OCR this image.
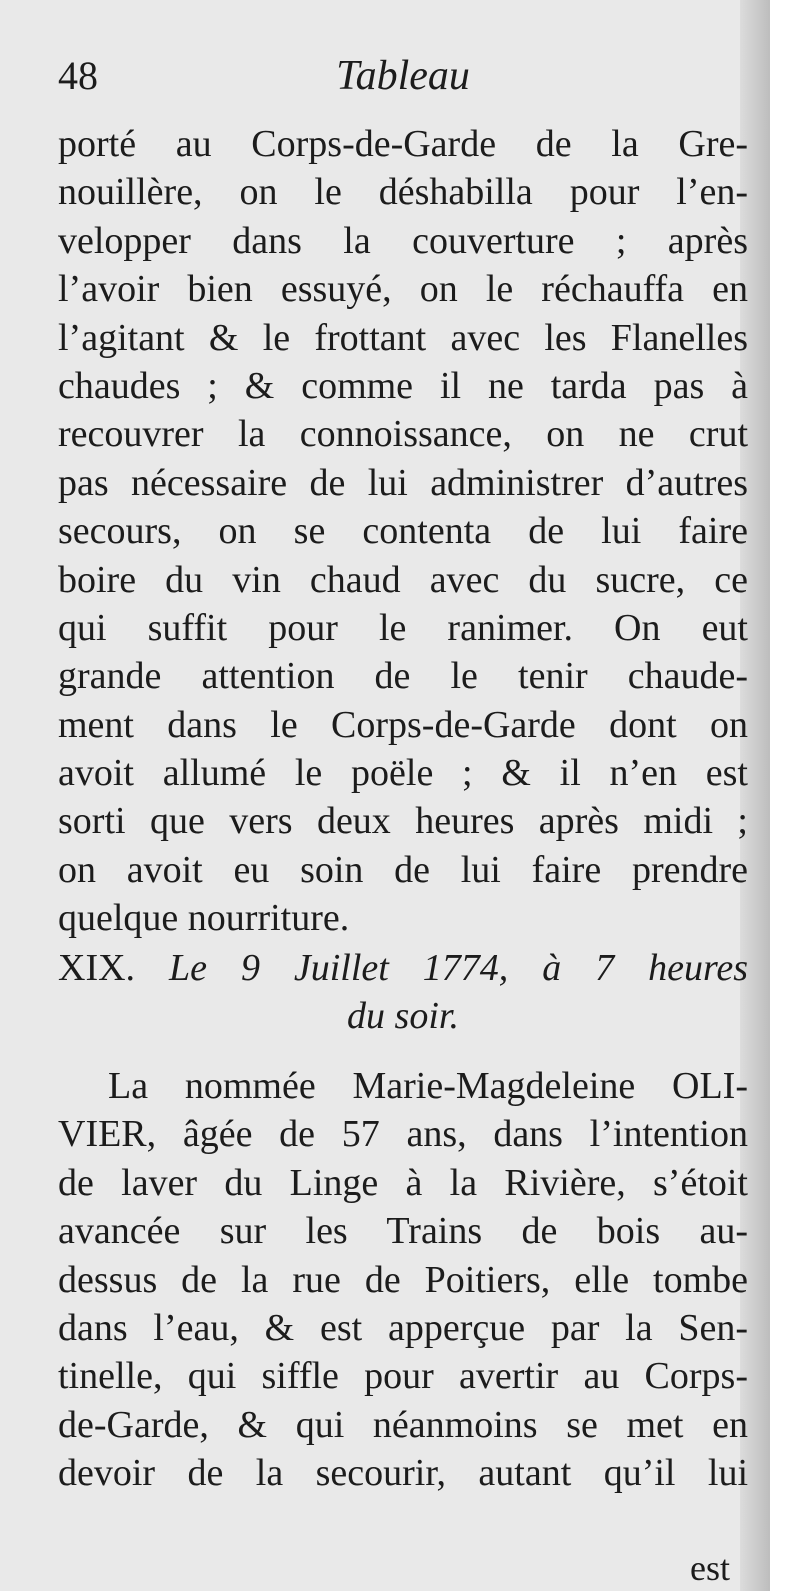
48	Tableau
porté au Corps-de-Garde de la Gre-
nouillère, on le déshabilla pour l’en-
velopper dans la couverture ; après
l’avoir bien essuyé, on le réchauffa en
l’agitant & le frottant avec les Flanelles
chaudes ; & comme il ne tarda pas à
recouvrer la connoissance, on ne crut
pas nécessaire de lui administrer d’autres
secours, on se contenta de lui faire
boire du vin chaud avec du sucre, ce
qui suffit pour le ranimer. On eut
grande attention de le tenir chaude-
ment dans le Corps-de-Garde dont on
avoit allumé le poële ; & il n’en est
sorti que vers deux heures après midi ;
on avoit eu soin de lui faire prendre
quelque nourriture.
XIX. Le 9 Juillet 1774, à 7 heures
du soir.
La nommée Marie-Magdeleine OLI-
VIER, âgée de 57 ans, dans l’intention
de laver du Linge à la Rivière, s’étoit
avancée sur les Trains de bois au-
dessus de la rue de Poitiers, elle tombe
dans l’eau, & est apperçue par la Sen-
tinelle, qui siffle pour avertir au Corps-
de-Garde, & qui néanmoins se met en
devoir de la secourir, autant qu’il lui
est
